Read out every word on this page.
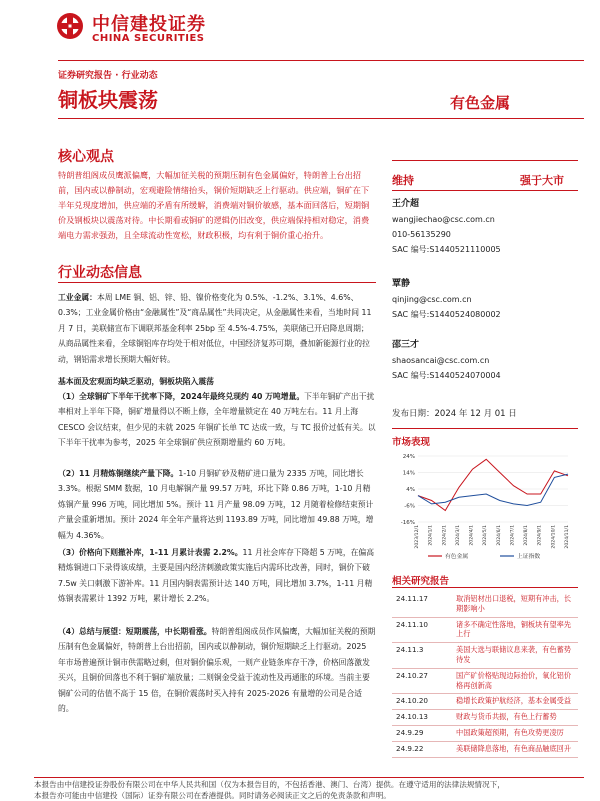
中信建投证券
CHINA SECURITIES
证券研究报告 · 行业动态
铜板块震荡	有色金属
核心观点

特朗普组阁成员鹰派偏鹰，大幅加征关税的预期压制有色金属偏好，特朗普上台出招前，国内或以静制动，宏观避险情绪抬头，铜价短期缺乏上行驱动。供应端，铜矿在下半年兑现度增加，供应端的矛盾有所缓解，消费端对铜价敏感，基本面回落后，短期铜价及钢板块以震荡对待。中长期看或铜矿的逻辑仍旧改变，供应端保持相对稳定，消费端电力需求强劲，且全球流动性宽松，财政积极，均有利于铜价重心抬升。

行业动态信息

工业金属：本周 LME 铜、铝、锌、铅、镍价格变化为 0.5%、-1.2%、3.1%、4.6%、0.3%；工业金属价格由“金融属性”及“商品属性”共同决定，从金融属性来看，当地时间 11 月 7 日，美联储宣布下调联邦基金利率 25bp 至 4.5%-4.75%，美联储已开启降息周期；从商品属性来看，全球铜铝库存均处于相对低位，中国经济复苏可期，叠加新能源行业的拉动，钢铝需求增长预期大幅好转。

基本面及宏观面均缺乏驱动，铜板块陷入震荡

（1）全球铜矿下半年干扰率下降，2024年最终兑现约 40 万吨增量。下半年铜矿产出干扰率相对上半年下降，铜矿增量得以不断上修，全年增量锁定在 40 万吨左右。11 月上海 CESCO 会议结束，但少见的未就 2025 年铜矿长单 TC 达成一致，与 TC 报价过低有关。以下半年干扰率为参考，2025 年全球铜矿供应预期增量约 60 万吨。

（2）11 月精炼铜继续产量下降。1-10 月铜矿砂及精矿进口量为 2335 万吨，同比增长 3.3%。根据 SMM 数据，10 月电解铜产量 99.57 万吨，环比下降 0.86 万吨，1-10 月精炼铜产量 996 万吨，同比增加 5%。预计 11 月产量 98.09 万吨，12 月随着检修结束预计产量会重新增加。预计 2024 年全年产量将达到 1193.89 万吨，同比增加 49.88 万吨，增幅为 4.36%。

（3）价格向下则撤补库，1-11 月累计表需 2.2%。11 月社会库存下降超 5 万吨，在偏高精炼铜进口下录得该成绩，主要是国内经济刺激政策实施后内需环比改善，同时，铜价下破 7.5w 关口刺激下游补库。11 月国内铜表需预计达 140 万吨，同比增加 3.7%，1-11 月精炼铜表需累计 1392 万吨，累计增长 2.2%。

（4）总结与展望：短期震荡，中长期看涨。特朗普组阁成员作风偏鹰，大幅加征关税的预期压制有色金属偏好，特朗普上台出招前，国内或以静制动，铜价短期缺乏上行驱动。2025 年市场普遍预计铜市供需略过剩，但对铜价偏乐观，一则产业链条库存干净，价格回落激发买兴，且铜价回落也不利于铜矿端放量；二则铜金受益于流动性及再通胀的环境。当前主要铜矿公司的估值不高于 15 倍，在铜价震荡时买入持有 2025-2026 有量增的公司是合适的。

维持	强于大市
王介超
wangjiechao@csc.com.cn
010-56135290
SAC 编号:S1440521110005
覃静
qinjing@csc.com.cn
SAC 编号:S1440524080002
邵三才
shaosancai@csc.com.cn
SAC 编号:S1440524070004
发布日期：2024 年 12 月 01 日
市场表现
24%
14%
4%
-6%
-16%
2023/12/1 2024/1/1 2024/2/1 2024/3/1 2024/4/1 2024/5/1 2024/6/1 2024/7/1 2024/8/1 2024/9/1 2024/10/1 2024/11/1
有色金属	上证指数
相关研究报告
24.11.17	取消铝材出口退税，短期有冲击，长期影响小
24.11.10	诸多不确定性落地，铜板块有望率先上行
24.11.3	美国大选与联储议息来袭，有色蓄势待发
24.10.27	国产矿价格贴现边际抬价，氧化铝价格再创新高
24.10.20	稳增长政策护航经济，基本金属受益
24.10.13	财政与货币共振，有色上行蓄势
24.9.29	中国政策超预期，有色攻势更凌厉
24.9.22	美联储降息落地，有色商品触底回升
本报告由中信建投证券股份有限公司在中华人民共和国（仅为本报告目的，不包括香港、澳门、台湾）提供。在遵守适用的法律法规情况下，
本报告亦可能由中信建投（国际）证券有限公司在香港提供。同时请务必阅读正文之后的免责条款和声明。
